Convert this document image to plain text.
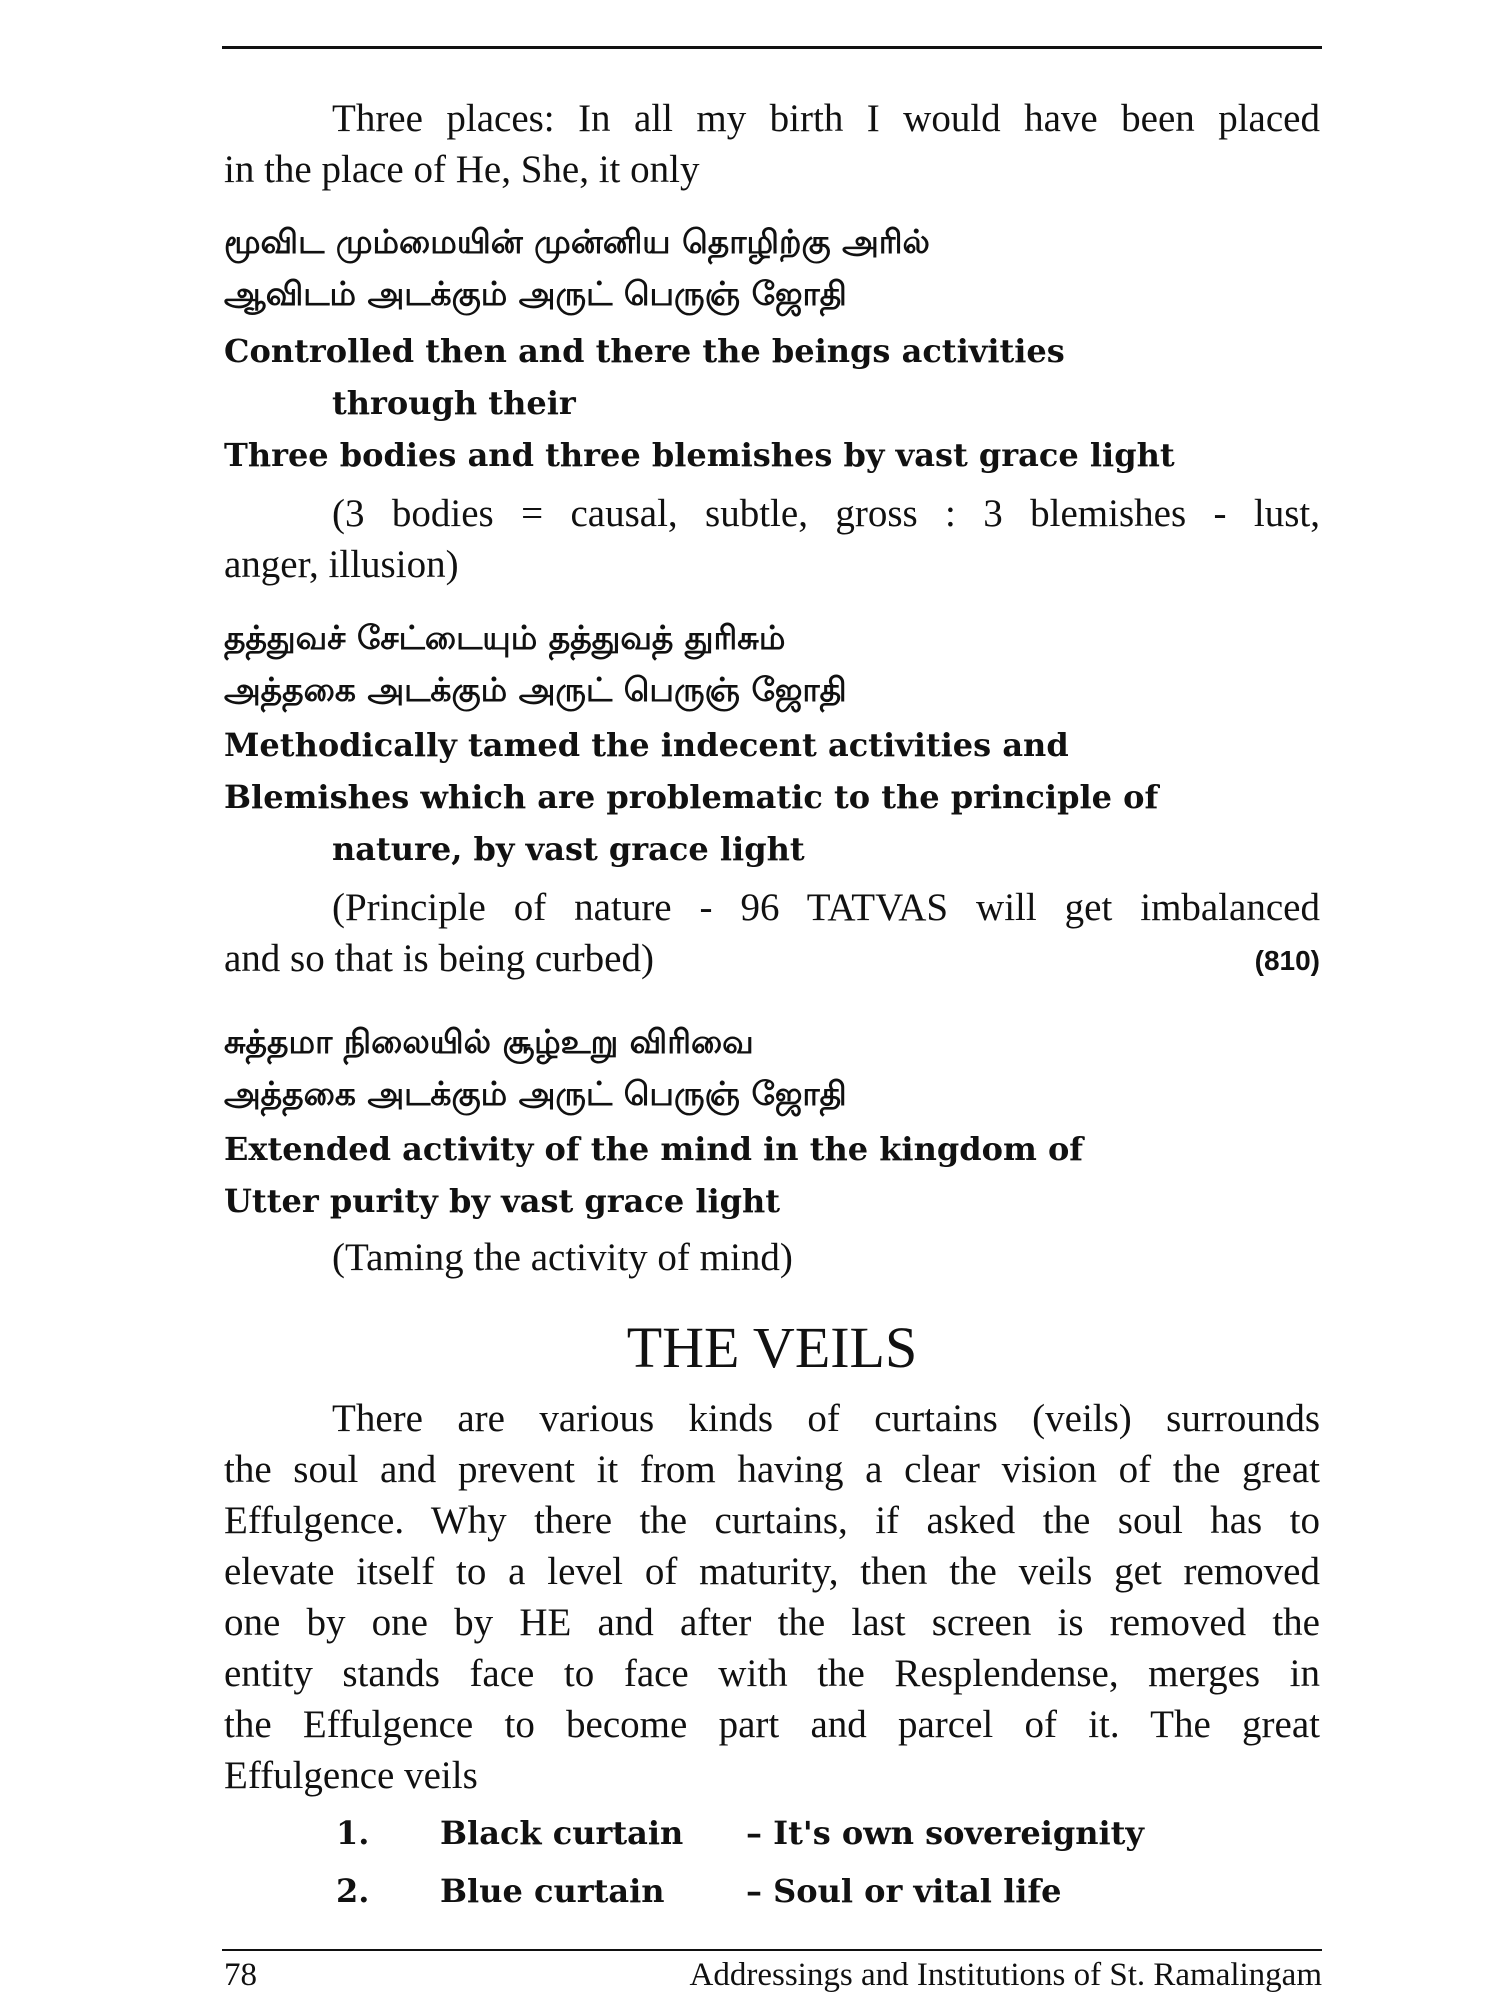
Three places: In all my birth I would have been placed
in the place of He, She, it only
மூவிட மும்மையின் முன்னிய தொழிற்கு அரில்
ஆவிடம் அடக்கும் அருட் பெருஞ் ஜோதி
Controlled then and there the beings activities
through their
Three bodies and three blemishes by vast grace light
(3 bodies = causal, subtle, gross : 3 blemishes - lust,
anger, illusion)
தத்துவச் சேட்டையும் தத்துவத் துரிசும்
அத்தகை அடக்கும் அருட் பெருஞ் ஜோதி
Methodically tamed the indecent activities and
Blemishes which are problematic to the principle of
nature, by vast grace light
(Principle of nature - 96 TATVAS will get imbalanced
and so that is being curbed)	(810)
சுத்தமா நிலையில் சூழ்உறு விரிவை
அத்தகை அடக்கும் அருட் பெருஞ் ஜோதி
Extended activity of the mind in the kingdom of
Utter purity by vast grace light
(Taming the activity of mind)
THE VEILS
There are various kinds of curtains (veils) surrounds
the soul and prevent it from having a clear vision of the great
Effulgence. Why there the curtains, if asked the soul has to
elevate itself to a level of maturity, then the veils get removed
one by one by HE and after the last screen is removed the
entity stands face to face with the Resplendense, merges in
the Effulgence to become part and parcel of it. The great
Effulgence veils
1. Black curtain – It's own sovereignity
2. Blue curtain	– Soul or vital life
78	Addressings and Institutions of St. Ramalingam
